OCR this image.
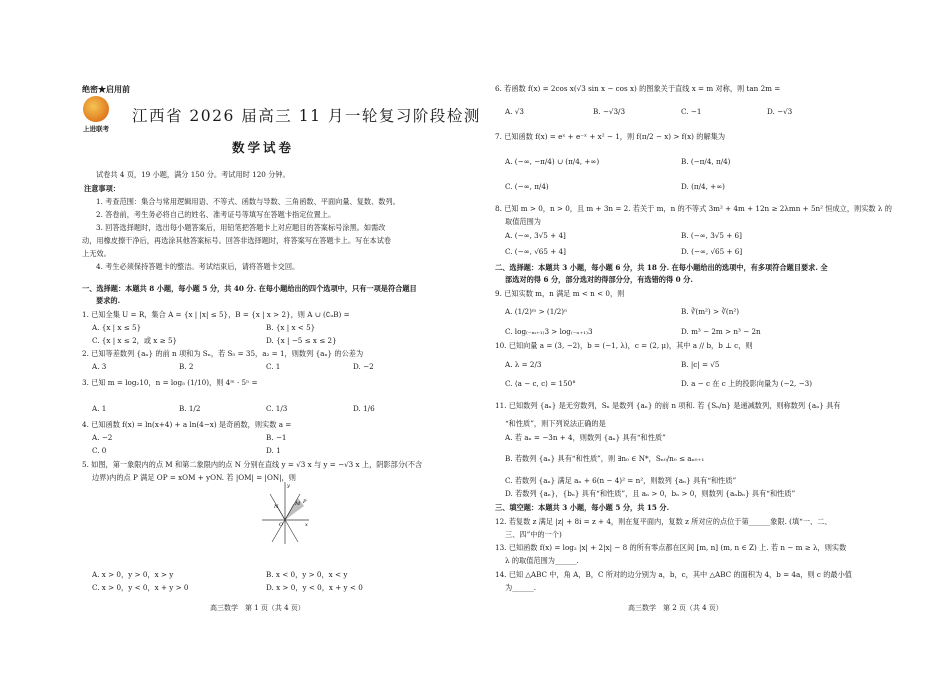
绝密★启用前
上进联考
江西省 2026 届高三 11 月一轮复习阶段检测
数学试卷
试卷共 4 页，19 小题，满分 150 分。考试用时 120 分钟。
注意事项：
1. 考查范围：集合与常用逻辑用语、不等式、函数与导数、三角函数、平面向量、复数、数列。
2. 答卷前，考生务必将自己的姓名、准考证号等填写在答题卡指定位置上。
3. 回答选择题时，选出每小题答案后，用铅笔把答题卡上对应题目的答案标号涂黑。如需改
动，用橡皮擦干净后，再选涂其他答案标号。回答非选择题时，将答案写在答题卡上。写在本试卷
上无效。
4. 考生必须保持答题卡的整洁。考试结束后，请将答题卡交回。
一、选择题：本题共 8 小题，每小题 5 分，共 40 分. 在每小题给出的四个选项中，只有一项是符合题目
要求的.
1. 已知全集 U = R，集合 A = {x | |x| ≤ 5}，B = {x | x > 2}，则 A ∪ (∁ᵤB) =
A. {x | x ≤ 5}	B. {x | x < 5}
C. {x | x ≤ 2，或 x ≥ 5}	D. {x | −5 ≤ x ≤ 2}
2. 已知等差数列 {aₙ} 的前 n 项和为 Sₙ，若 S₅ = 35，a₂ = 1，则数列 {aₙ} 的公差为
A. 3	B. 2	C. 1	D. −2
3. 已知 m = log₂10，n = log₅ (1/10)，则 4ᵐ · 5ⁿ =
A. 1	B. 1/2	C. 1/3	D. 1/6
4. 已知函数 f(x) = ln(x+4) + a ln(4−x) 是奇函数，则实数 a =
A. −2	B. −1
C. 0	D. 1
5. 如图，第一象限内的点 M 和第二象限内的点 N 分别在直线 y = √3 x 与 y = −√3 x 上，阴影部分(不含
边界)内的点 P 满足 OP = xOM + yON. 若 |OM| = |ON|，则
y
x
O
M
N
P
A. x > 0，y > 0，x > y	B. x < 0，y > 0，x < y
C. x > 0，y < 0，x + y > 0	D. x > 0，y < 0，x + y < 0
高三数学　第 1 页（共 4 页）
6. 若函数 f(x) = 2cos x(√3 sin x − cos x) 的图象关于直线 x = m 对称，则 tan 2m =
A. √3	B. −√3/3	C. −1	D. −√3
7. 已知函数 f(x) = eˣ + e⁻ˣ + x² − 1，则 f(π/2 − x) > f(x) 的解集为
A. (−∞, −π/4) ∪ (π/4, +∞)	B. (−π/4, π/4)
C. (−∞, π/4)	D. (π/4, +∞)
8. 已知 m > 0，n > 0，且 m + 3n = 2. 若关于 m，n 的不等式 3m² + 4m + 12n ≥ 2λmn + 5n² 恒成立，则实数 λ 的
取值范围为
A. (−∞, 3√5 + 4]	B. (−∞, 3√5 + 6]
C. (−∞, √65 + 4]	D. (−∞, √65 + 6]
二、选择题：本题共 3 小题，每小题 6 分，共 18 分. 在每小题给出的选项中，有多项符合题目要求. 全
部选对的得 6 分，部分选对的得部分分，有选错的得 0 分.
9. 已知实数 m，n 满足 m < n < 0，则
A. (1/2)ᵐ > (1/2)ⁿ	B. ∛(m²) > ∛(n²)
C. log₍₋ₘ₊₁₎3 > log₍₋ₙ₊₁₎3	D. m³ − 2m > n³ − 2n
10. 已知向量 a = (3, −2)，b = (−1, λ)，c = (2, μ)，其中 a // b，b ⊥ c，则
A. λ = 2/3	B. |c| = √5
C. ⟨a − c, c⟩ = 150°	D. a − c 在 c 上的投影向量为 (−2, −3)
11. 已知数列 {aₙ} 是无穷数列，Sₙ 是数列 {aₙ} 的前 n 项和. 若 {Sₙ/n} 是递减数列，则称数列 {aₙ} 具有
“和性质”，则下列说法正确的是
A. 若 aₙ = −3n + 4，则数列 {aₙ} 具有“和性质”
B. 若数列 {aₙ} 具有“和性质”，则 ∃n₀ ∈ N*，Sₙ₀/n₀ ≤ aₙ₀₊₁
C. 若数列 {aₙ} 满足 aₙ + 6(n − 4)² = n²，则数列 {aₙ} 具有“和性质”
D. 若数列 {aₙ}，{bₙ} 具有“和性质”，且 aₙ > 0，bₙ > 0，则数列 {aₙbₙ} 具有“和性质”
三、填空题：本题共 3 小题，每小题 5 分，共 15 分.
12. 若复数 z 满足 |z| + 8i = z + 4，则在复平面内，复数 z 所对应的点位于第______象限. (填“一、二、
三、四”中的一个)
13. 已知函数 f(x) = log₂ |x| + 2|x| − 8 的所有零点都在区间 [m, n] (m, n ∈ Z) 上. 若 n − m ≥ λ，则实数
λ 的取值范围为______.
14. 已知 △ABC 中，角 A，B，C 所对的边分别为 a，b，c，其中 △ABC 的面积为 4，b = 4a，则 c 的最小值
为______.
高三数学　第 2 页（共 4 页）
